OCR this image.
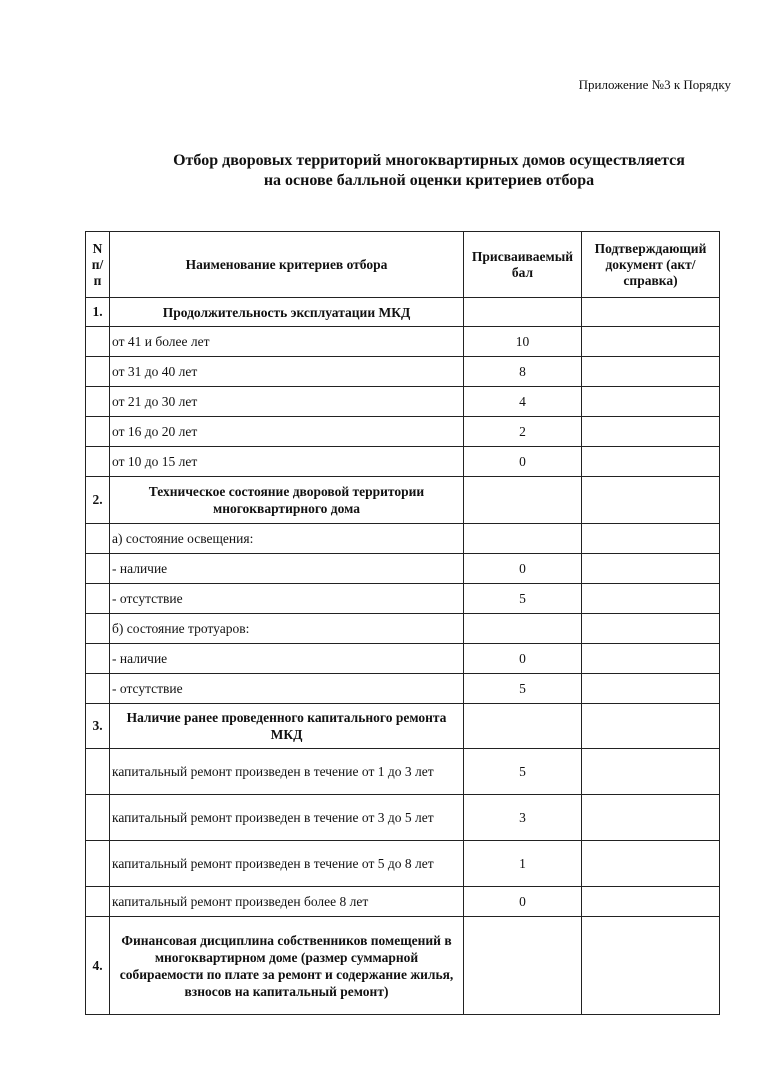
Приложение №3 к Порядку
Отбор дворовых территорий многоквартирных домов осуществляется
на основе балльной оценки критериев отбора
N п/п	Наименование критериев отбора	Присваиваемый бал	Подтверждающий документ (акт/справка)
1.	Продолжительность эксплуатации МКД		
	от 41 и более лет	10	
	от 31 до 40 лет	8	
	от 21 до 30 лет	4	
	от 16 до 20 лет	2	
	от 10 до 15 лет	0	
2.	Техническое состояние дворовой территории многоквартирного дома		
	а) состояние освещения:		
	- наличие	0	
	- отсутствие	5	
	б) состояние тротуаров:		
	- наличие	0	
	- отсутствие	5	
3.	Наличие ранее проведенного капитального ремонта МКД		
	капитальный ремонт произведен в течение от 1 до 3 лет	5	
	капитальный ремонт произведен в течение от 3 до 5 лет	3	
	капитальный ремонт произведен в течение от 5 до 8 лет	1	
	капитальный ремонт произведен более 8 лет	0	
4.	Финансовая дисциплина собственников помещений в многоквартирном доме (размер суммарной собираемости по плате за ремонт и содержание жилья, взносов на капитальный ремонт)		
